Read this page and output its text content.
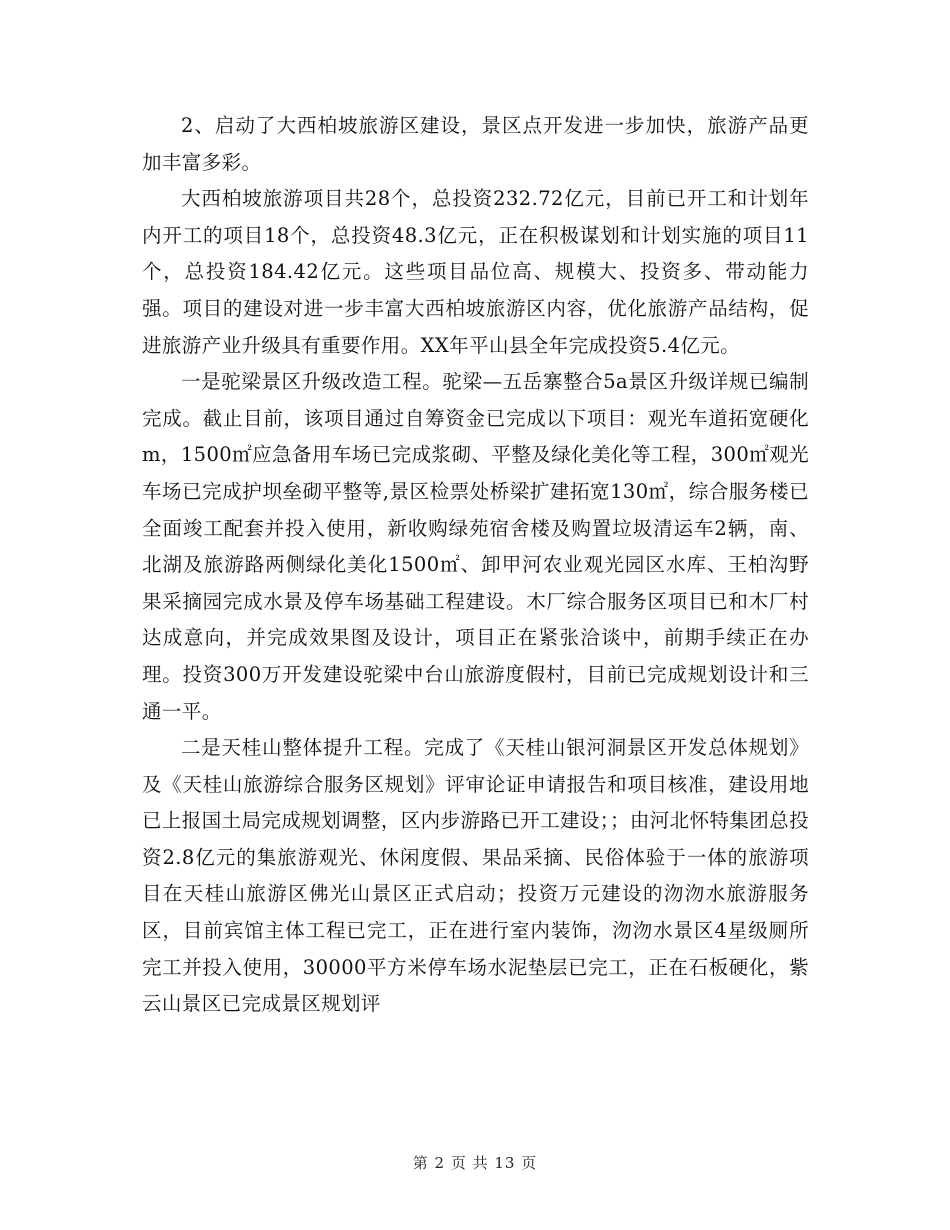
2、启动了大西柏坡旅游区建设，景区点开发进一步加快，旅游产品更加丰富多彩。

大西柏坡旅游项目共28个，总投资232.72亿元，目前已开工和计划年内开工的项目18个，总投资48.3亿元，正在积极谋划和计划实施的项目11个，总投资184.42亿元。这些项目品位高、规模大、投资多、带动能力强。项目的建设对进一步丰富大西柏坡旅游区内容，优化旅游产品结构，促进旅游产业升级具有重要作用。XX年平山县全年完成投资5.4亿元。

一是驼梁景区升级改造工程。驼梁—五岳寨整合5a景区升级详规已编制完成。截止目前，该项目通过自筹资金已完成以下项目：观光车道拓宽硬化m，1500㎡应急备用车场已完成浆砌、平整及绿化美化等工程，300㎡观光车场已完成护坝垒砌平整等,景区检票处桥梁扩建拓宽130㎡，综合服务楼已全面竣工配套并投入使用，新收购绿苑宿舍楼及购置垃圾清运车2辆，南、北湖及旅游路两侧绿化美化1500㎡、卸甲河农业观光园区水库、王柏沟野果采摘园完成水景及停车场基础工程建设。木厂综合服务区项目已和木厂村达成意向，并完成效果图及设计，项目正在紧张洽谈中，前期手续正在办理。投资300万开发建设驼梁中台山旅游度假村，目前已完成规划设计和三通一平。

二是天桂山整体提升工程。完成了《天桂山银河洞景区开发总体规划》及《天桂山旅游综合服务区规划》评审论证申请报告和项目核准，建设用地已上报国土局完成规划调整，区内步游路已开工建设；；由河北怀特集团总投资2.8亿元的集旅游观光、休闲度假、果品采摘、民俗体验于一体的旅游项目在天桂山旅游区佛光山景区正式启动；投资万元建设的沕沕水旅游服务区，目前宾馆主体工程已完工，正在进行室内装饰，沕沕水景区4星级厕所完工并投入使用，30000平方米停车场水泥垫层已完工，正在石板硬化，紫云山景区已完成景区规划评

第 2 页 共 13 页
